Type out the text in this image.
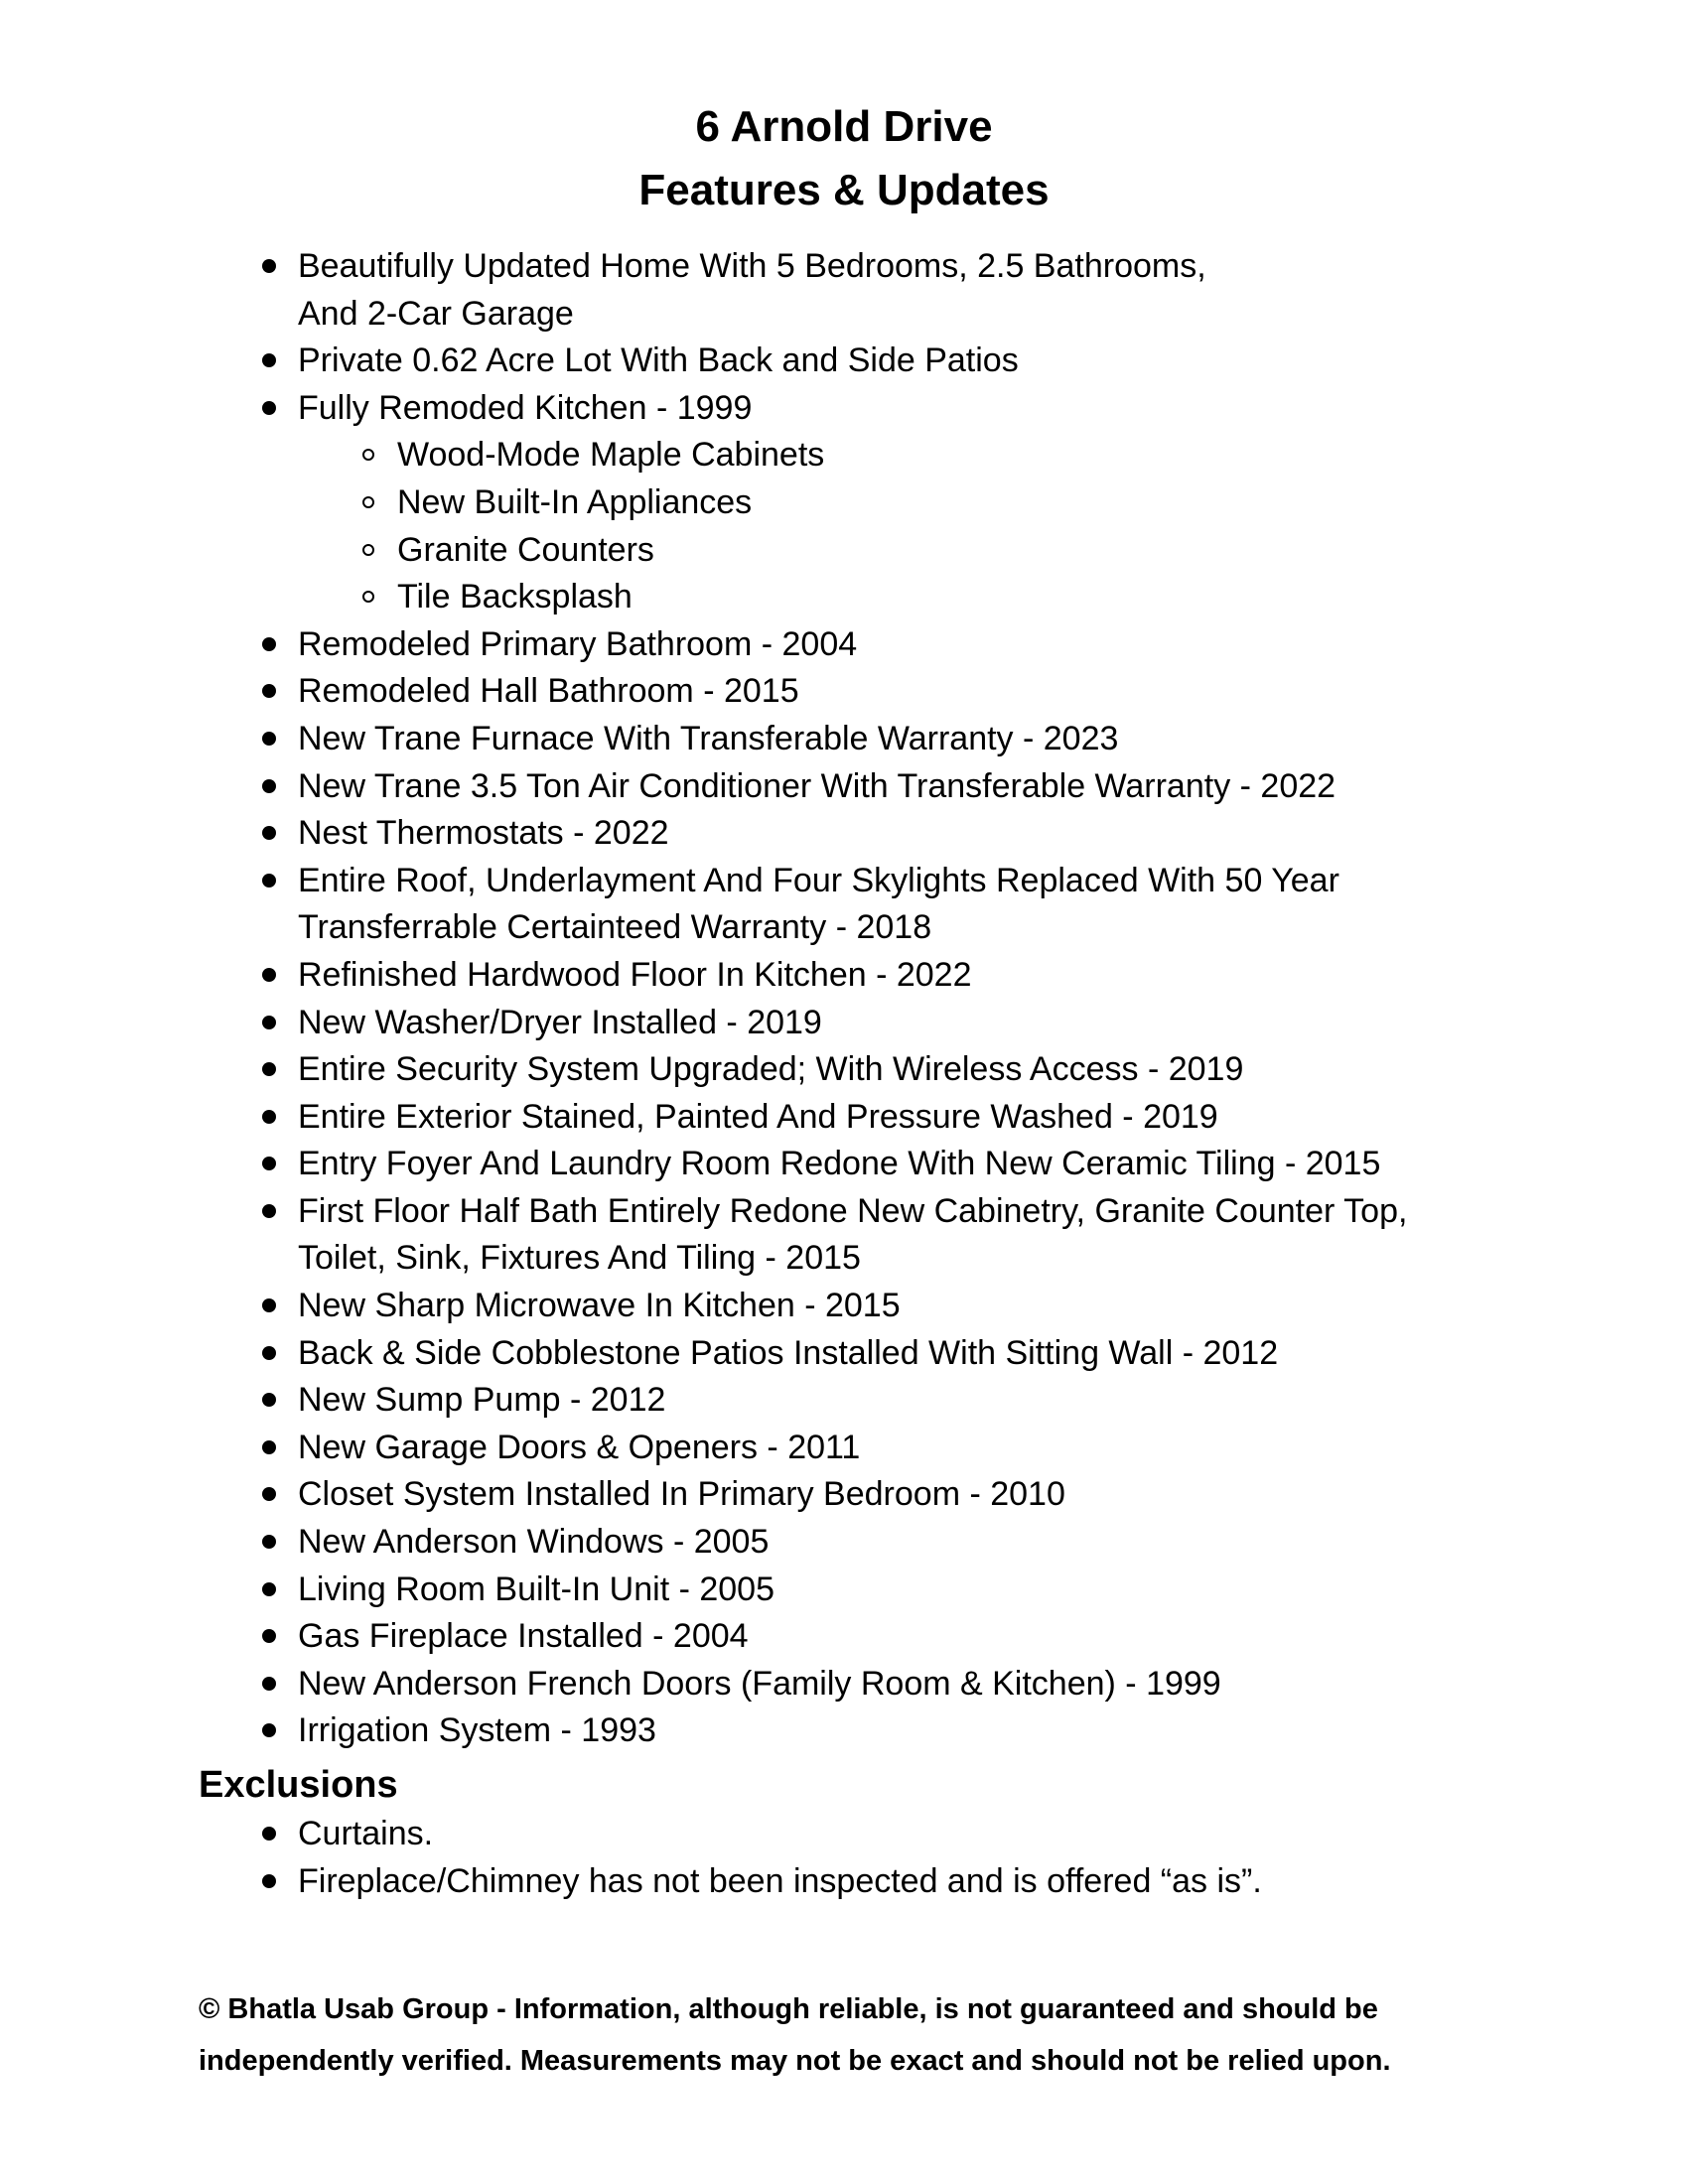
6 Arnold Drive
Features & Updates
Beautifully Updated Home With 5 Bedrooms, 2.5 Bathrooms,
And 2-Car Garage
Private 0.62 Acre Lot With Back and Side Patios
Fully Remoded Kitchen - 1999
Wood-Mode Maple Cabinets
New Built-In Appliances
Granite Counters
Tile Backsplash
Remodeled Primary Bathroom - 2004
Remodeled Hall Bathroom - 2015
New Trane Furnace With Transferable Warranty - 2023
New Trane 3.5 Ton Air Conditioner With Transferable Warranty - 2022
Nest Thermostats - 2022
Entire Roof, Underlayment And Four Skylights Replaced With 50 Year
Transferrable Certainteed Warranty - 2018
Refinished Hardwood Floor In Kitchen - 2022
New Washer/Dryer Installed - 2019
Entire Security System Upgraded; With Wireless Access - 2019
Entire Exterior Stained, Painted And Pressure Washed - 2019
Entry Foyer And Laundry Room Redone With New Ceramic Tiling - 2015
First Floor Half Bath Entirely Redone New Cabinetry, Granite Counter Top,
Toilet, Sink, Fixtures And Tiling - 2015
New Sharp Microwave In Kitchen - 2015
Back & Side Cobblestone Patios Installed With Sitting Wall - 2012
New Sump Pump - 2012
New Garage Doors & Openers - 2011
Closet System Installed In Primary Bedroom - 2010
New Anderson Windows - 2005
Living Room Built-In Unit - 2005
Gas Fireplace Installed - 2004
New Anderson French Doors (Family Room & Kitchen) - 1999
Irrigation System - 1993
Exclusions
Curtains.
Fireplace/Chimney has not been inspected and is offered “as is”.
© Bhatla Usab Group - Information, although reliable, is not guaranteed and should be
independently verified. Measurements may not be exact and should not be relied upon.
